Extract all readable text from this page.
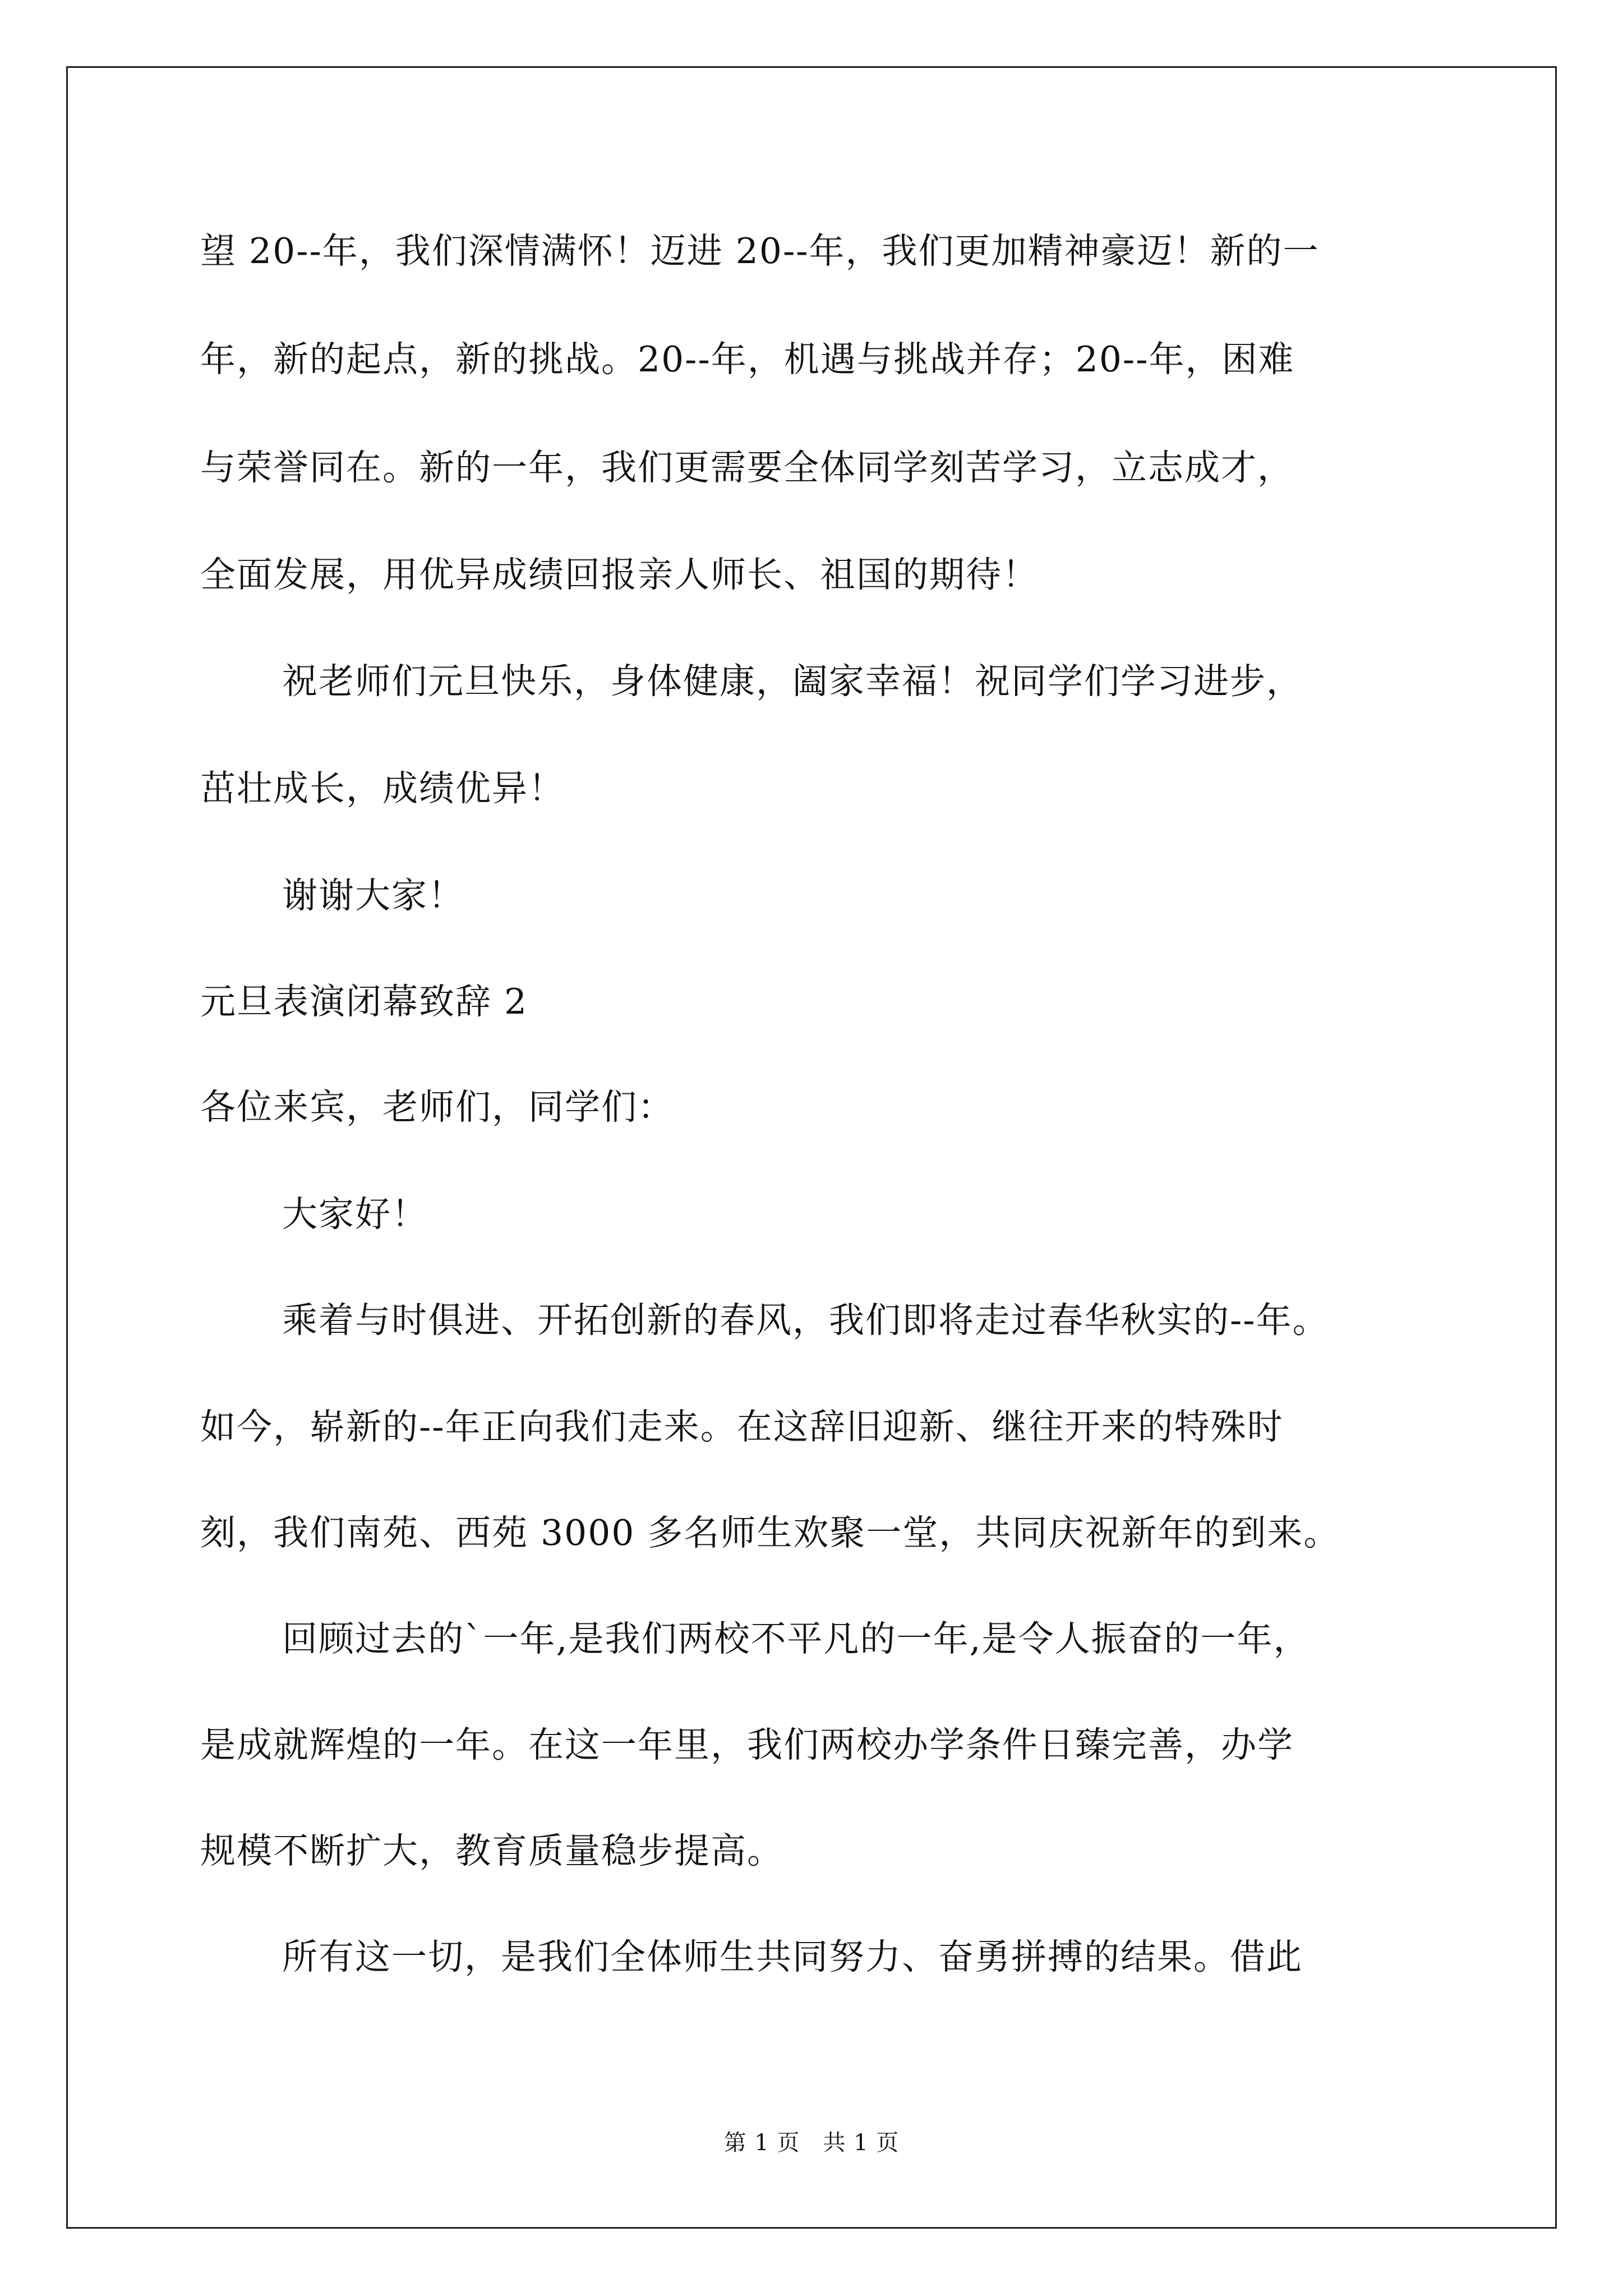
望 20--年，我们深情满怀！迈进 20--年，我们更加精神豪迈！新的一
年，新的起点，新的挑战。20--年，机遇与挑战并存；20--年，困难
与荣誉同在。新的一年，我们更需要全体同学刻苦学习，立志成才，
全面发展，用优异成绩回报亲人师长、祖国的期待！
祝老师们元旦快乐，身体健康，阖家幸福！祝同学们学习进步，
茁壮成长，成绩优异！
谢谢大家！
元旦表演闭幕致辞 2
各位来宾，老师们，同学们：
大家好！
乘着与时俱进、开拓创新的春风，我们即将走过春华秋实的--年。
如今，崭新的--年正向我们走来。在这辞旧迎新、继往开来的特殊时
刻，我们南苑、西苑 3000 多名师生欢聚一堂，共同庆祝新年的到来。
回顾过去的`一年,是我们两校不平凡的一年,是令人振奋的一年，
是成就辉煌的一年。在这一年里，我们两校办学条件日臻完善，办学
规模不断扩大，教育质量稳步提高。
所有这一切，是我们全体师生共同努力、奋勇拼搏的结果。借此
第 1 页　共 1 页
